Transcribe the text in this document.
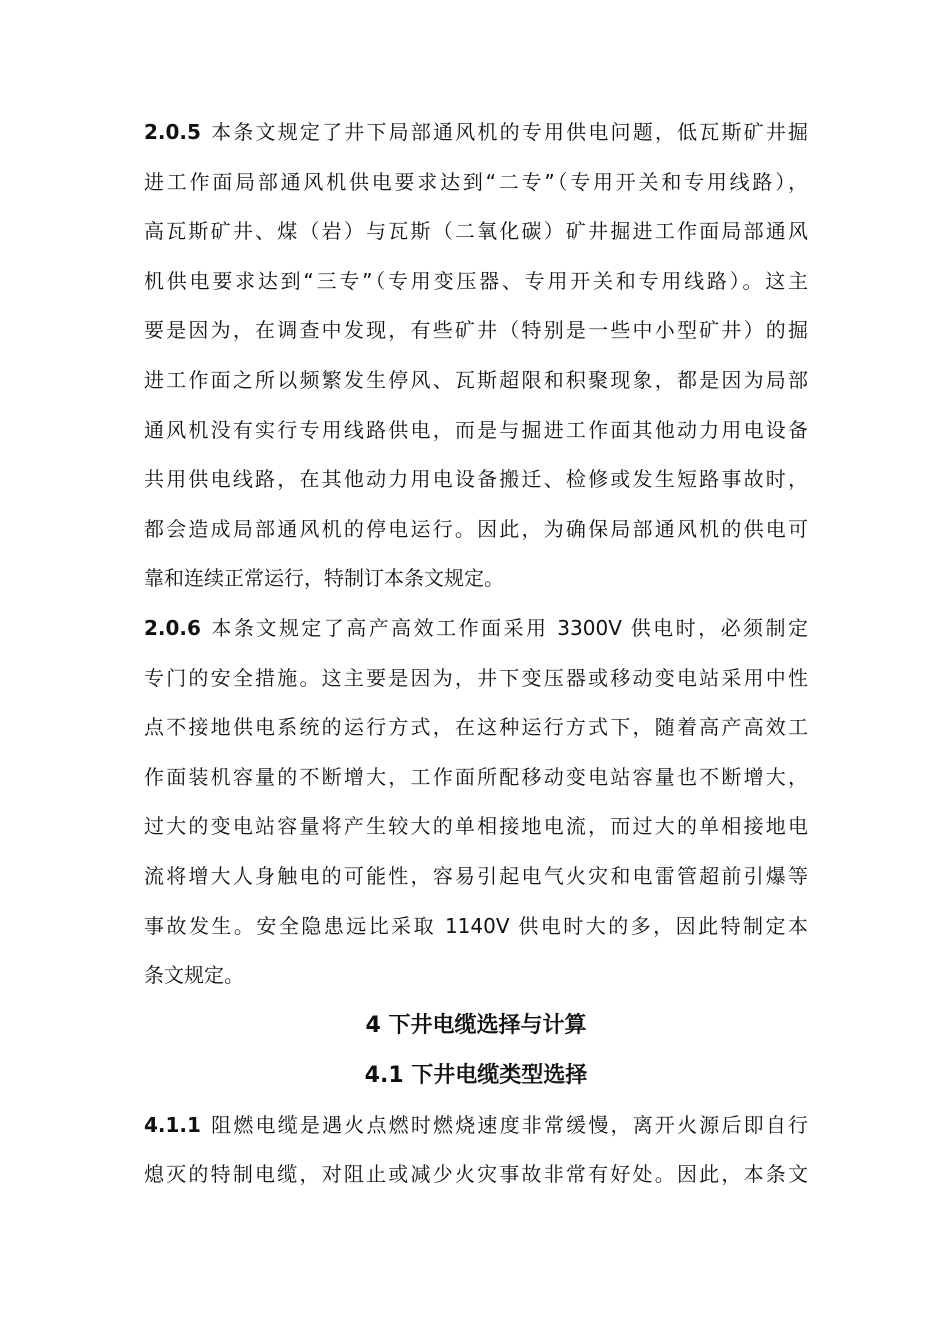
2.0.5 本条文规定了井下局部通风机的专用供电问题，低瓦斯矿井掘
进工作面局部通风机供电要求达到“二专”（专用开关和专用线路），
高瓦斯矿井、煤（岩）与瓦斯（二氧化碳）矿井掘进工作面局部通风
机供电要求达到“三专”（专用变压器、专用开关和专用线路）。这主
要是因为，在调查中发现，有些矿井（特别是一些中小型矿井）的掘
进工作面之所以频繁发生停风、瓦斯超限和积聚现象，都是因为局部
通风机没有实行专用线路供电，而是与掘进工作面其他动力用电设备
共用供电线路，在其他动力用电设备搬迁、检修或发生短路事故时，
都会造成局部通风机的停电运行。因此，为确保局部通风机的供电可
靠和连续正常运行，特制订本条文规定。
2.0.6 本条文规定了高产高效工作面采用 3300V 供电时，必须制定
专门的安全措施。这主要是因为，井下变压器或移动变电站采用中性
点不接地供电系统的运行方式，在这种运行方式下，随着高产高效工
作面装机容量的不断增大，工作面所配移动变电站容量也不断增大，
过大的变电站容量将产生较大的单相接地电流，而过大的单相接地电
流将增大人身触电的可能性，容易引起电气火灾和电雷管超前引爆等
事故发生。安全隐患远比采取 1140V 供电时大的多，因此特制定本
条文规定。
4 下井电缆选择与计算
4.1 下井电缆类型选择
4.1.1 阻燃电缆是遇火点燃时燃烧速度非常缓慢，离开火源后即自行
熄灭的特制电缆，对阻止或减少火灾事故非常有好处。因此，本条文
